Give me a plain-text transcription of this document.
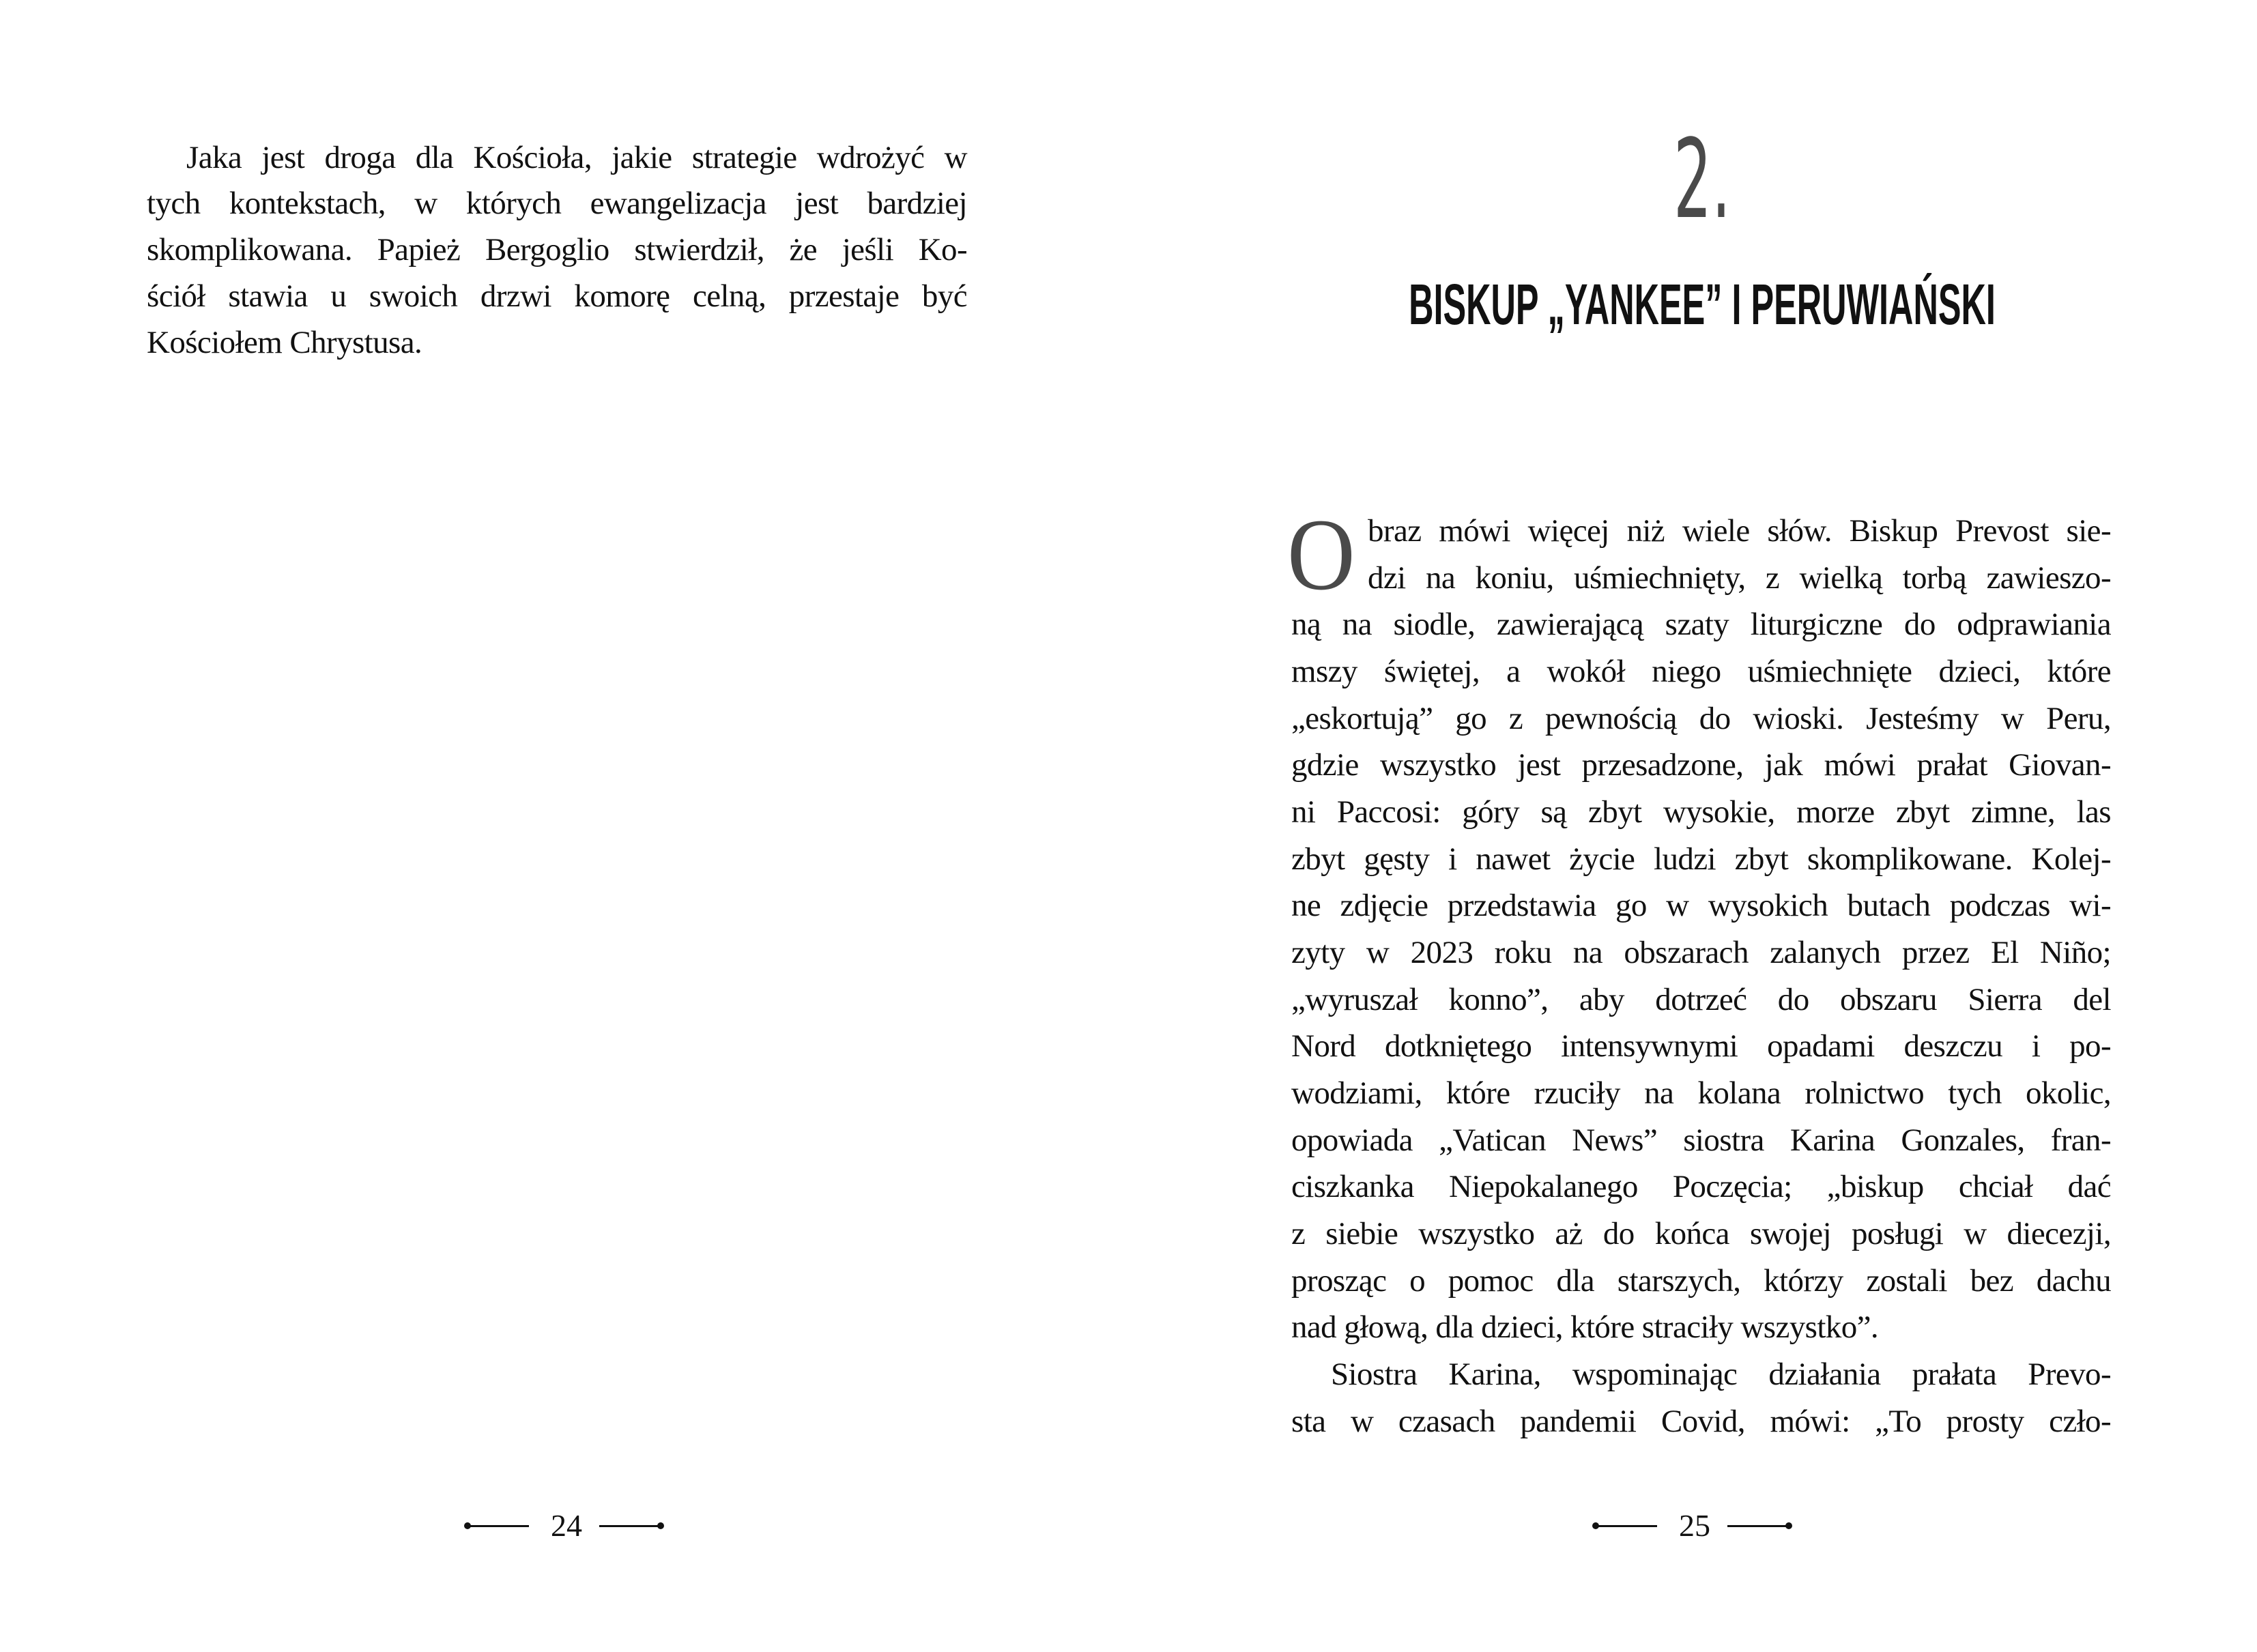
Jaka jest droga dla Kościoła, jakie strategie wdrożyć w
tych kontekstach, w których ewangelizacja jest bardziej
skomplikowana. Papież Bergoglio stwierdził, że jeśli Ko-
ściół stawia u swoich drzwi komorę celną, przestaje być
Kościołem Chrystusa.
24
2.
BISKUP „YANKEE” I PERUWIAŃSKI
O braz mówi więcej niż wiele słów. Biskup Prevost sie-
dzi na koniu, uśmiechnięty, z wielką torbą zawieszo-
ną na siodle, zawierającą szaty liturgiczne do odprawiania
mszy świętej, a wokół niego uśmiechnięte dzieci, które
„eskortują” go z pewnością do wioski. Jesteśmy w Peru,
gdzie wszystko jest przesadzone, jak mówi prałat Giovan-
ni Paccosi: góry są zbyt wysokie, morze zbyt zimne, las
zbyt gęsty i nawet życie ludzi zbyt skomplikowane. Kolej-
ne zdjęcie przedstawia go w wysokich butach podczas wi-
zyty w 2023 roku na obszarach zalanych przez El Niño;
„wyruszał konno”, aby dotrzeć do obszaru Sierra del
Nord dotkniętego intensywnymi opadami deszczu i po-
wodziami, które rzuciły na kolana rolnictwo tych okolic,
opowiada „Vatican News” siostra Karina Gonzales, fran-
ciszkanka Niepokalanego Poczęcia; „biskup chciał dać
z siebie wszystko aż do końca swojej posługi w diecezji,
prosząc o pomoc dla starszych, którzy zostali bez dachu
nad głową, dla dzieci, które straciły wszystko”.
Siostra Karina, wspominając działania prałata Prevo-
sta w czasach pandemii Covid, mówi: „To prosty czło-
25
